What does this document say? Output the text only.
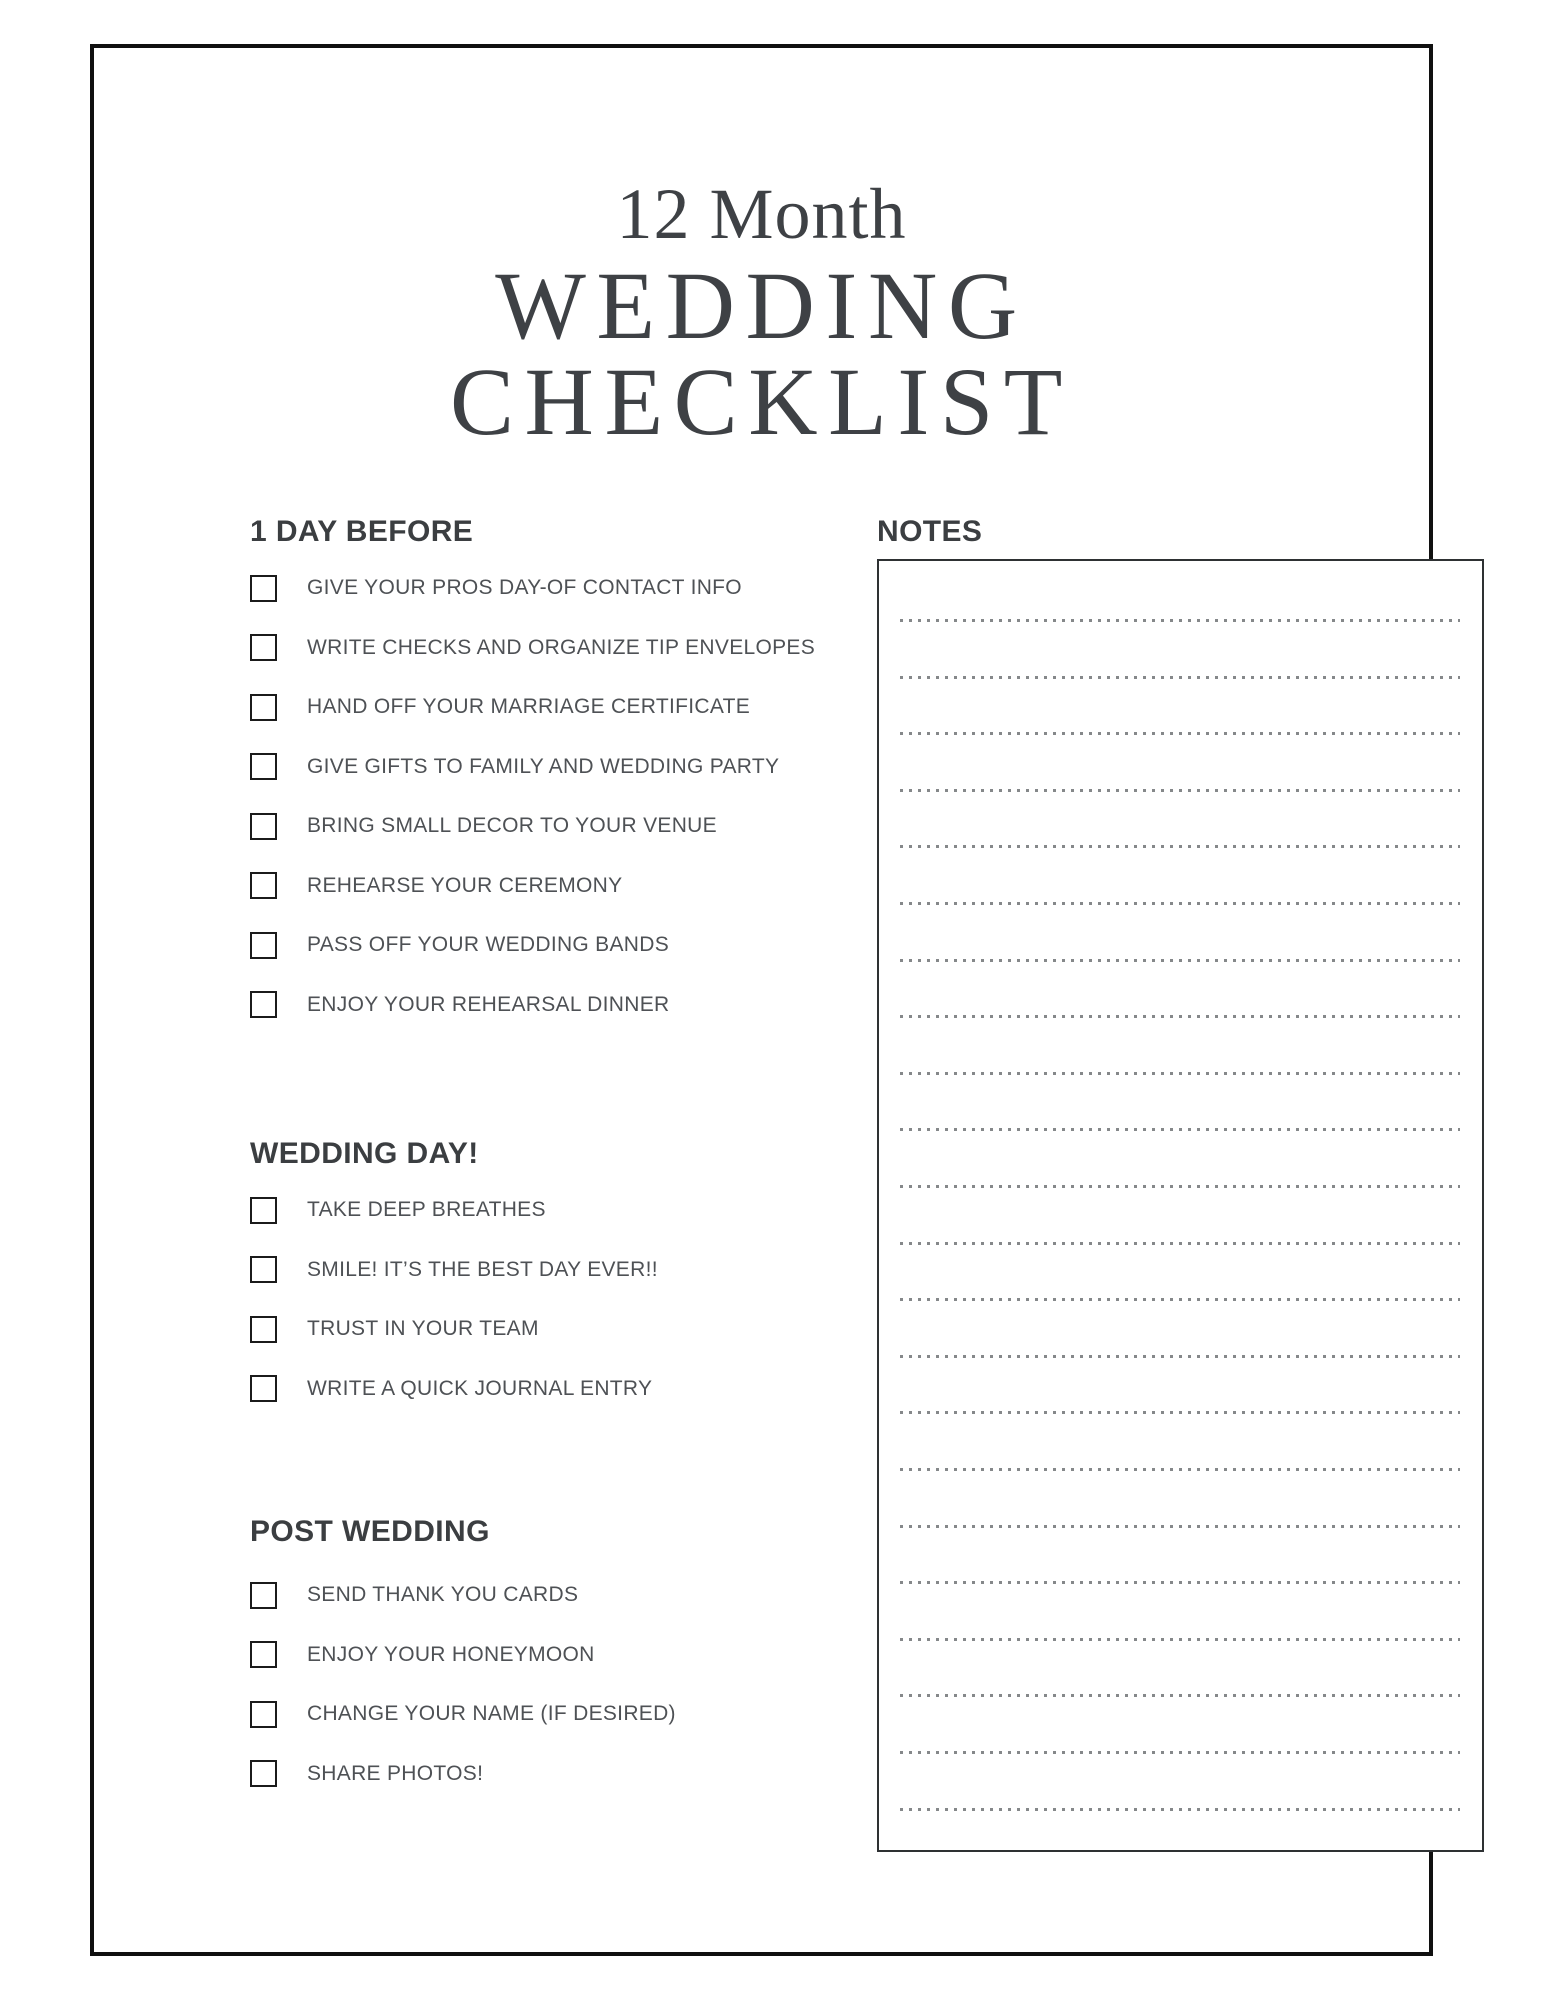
12 Month
WEDDING
CHECKLIST
1 DAY BEFORE
GIVE YOUR PROS DAY-OF CONTACT INFO
WRITE CHECKS AND ORGANIZE TIP ENVELOPES
HAND OFF YOUR MARRIAGE CERTIFICATE
GIVE GIFTS TO FAMILY AND WEDDING PARTY
BRING SMALL DECOR TO YOUR VENUE
REHEARSE YOUR CEREMONY
PASS OFF YOUR WEDDING BANDS
ENJOY YOUR REHEARSAL DINNER
WEDDING DAY!
TAKE DEEP BREATHES
SMILE! IT’S THE BEST DAY EVER!!
TRUST IN YOUR TEAM
WRITE A QUICK JOURNAL ENTRY
POST WEDDING
SEND THANK YOU CARDS
ENJOY YOUR HONEYMOON
CHANGE YOUR NAME (IF DESIRED)
SHARE PHOTOS!
NOTES
